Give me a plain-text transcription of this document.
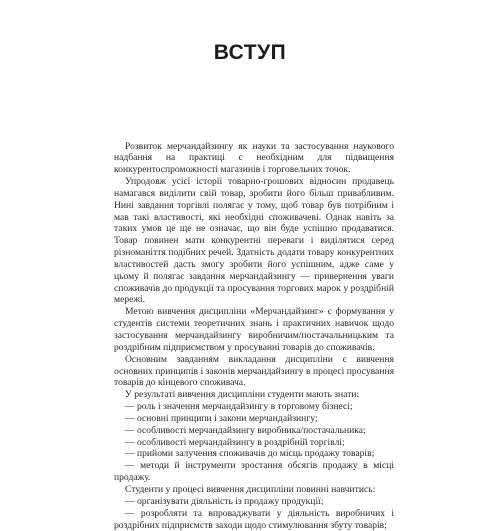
ВСТУП

Розвиток мерчандайзингу як науки та застосування наукового надбання на практиці є необхідним для підвищення конкурентоспроможності магазинів і торговельних точок.

Упродовж усієї історії товарно-грошових відносин продавець намагався виділити свій товар, зробити його більш привабливим. Нині завдання торгівлі полягає у тому, щоб товар був потрібним і мав такі властивості, які необхідні споживачеві. Однак навіть за таких умов це ще не означає, що він буде успішно продаватися. Товар повинен мати конкурентні переваги і виділятися серед різноманіття подібних речей. Здатність додати товару конкурентних властивостей дасть змогу зробити його успішним, адже саме у цьому й полягає завдання мерчандайзингу — привернення уваги споживачів до продукції та просування торгових марок у роздрібній мережі.

Метою вивчення дисципліни «Мерчандайзинг» є формування у студентів системи теоретичних знань і практичних навичок щодо застосування мерчандайзингу виробничим/постачальницьким та роздрібним підприємством у просуванні товарів до споживачів.

Основним завданням викладання дисципліни є вивчення основних принципів і законів мерчандайзингу в процесі просування товарів до кінцевого споживача.

У результаті вивчення дисципліни студенти мають знати:

— роль і значення мерчандайзингу в торговому бізнесі;

— основні принципи і закони мерчандайзингу;

— особливості мерчандайзингу виробника/постачальника;

— особливості мерчандайзингу в роздрібній торгівлі;

— прийоми залучення споживачів до місць продажу товарів;

— методи й інструменти зростання обсягів продажу в місці продажу.

Студенти у процесі вивчення дисципліни повинні навчитись:

— організувати діяльність із продажу продукції;

— розробляти та впроваджувати у діяльність виробничих і роздрібних підприємств заходи щодо стимулювання збуту товарів;
